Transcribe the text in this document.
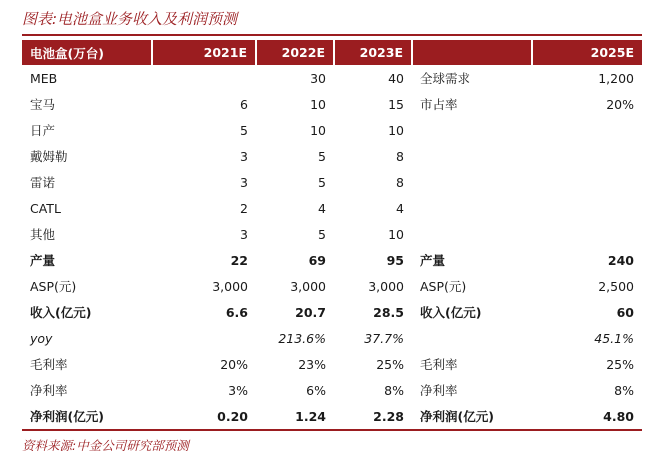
图表:电池盒业务收入及利润预测
电池盒(万台)	2021E	2022E	2023E		2025E
MEB		30	40	全球需求	1,200
宝马	6	10	15	市占率	20%
日产	5	10	10		
戴姆勒	3	5	8		
雷诺	3	5	8		
CATL	2	4	4		
其他	3	5	10		
产量	22	69	95	产量	240
ASP(元)	3,000	3,000	3,000	ASP(元)	2,500
收入(亿元)	6.6	20.7	28.5	收入(亿元)	60
yoy		213.6%	37.7%		45.1%
毛利率	20%	23%	25%	毛利率	25%
净利率	3%	6%	8%	净利率	8%
净利润(亿元)	0.20	1.24	2.28	净利润(亿元)	4.80
资料来源:中金公司研究部预测
